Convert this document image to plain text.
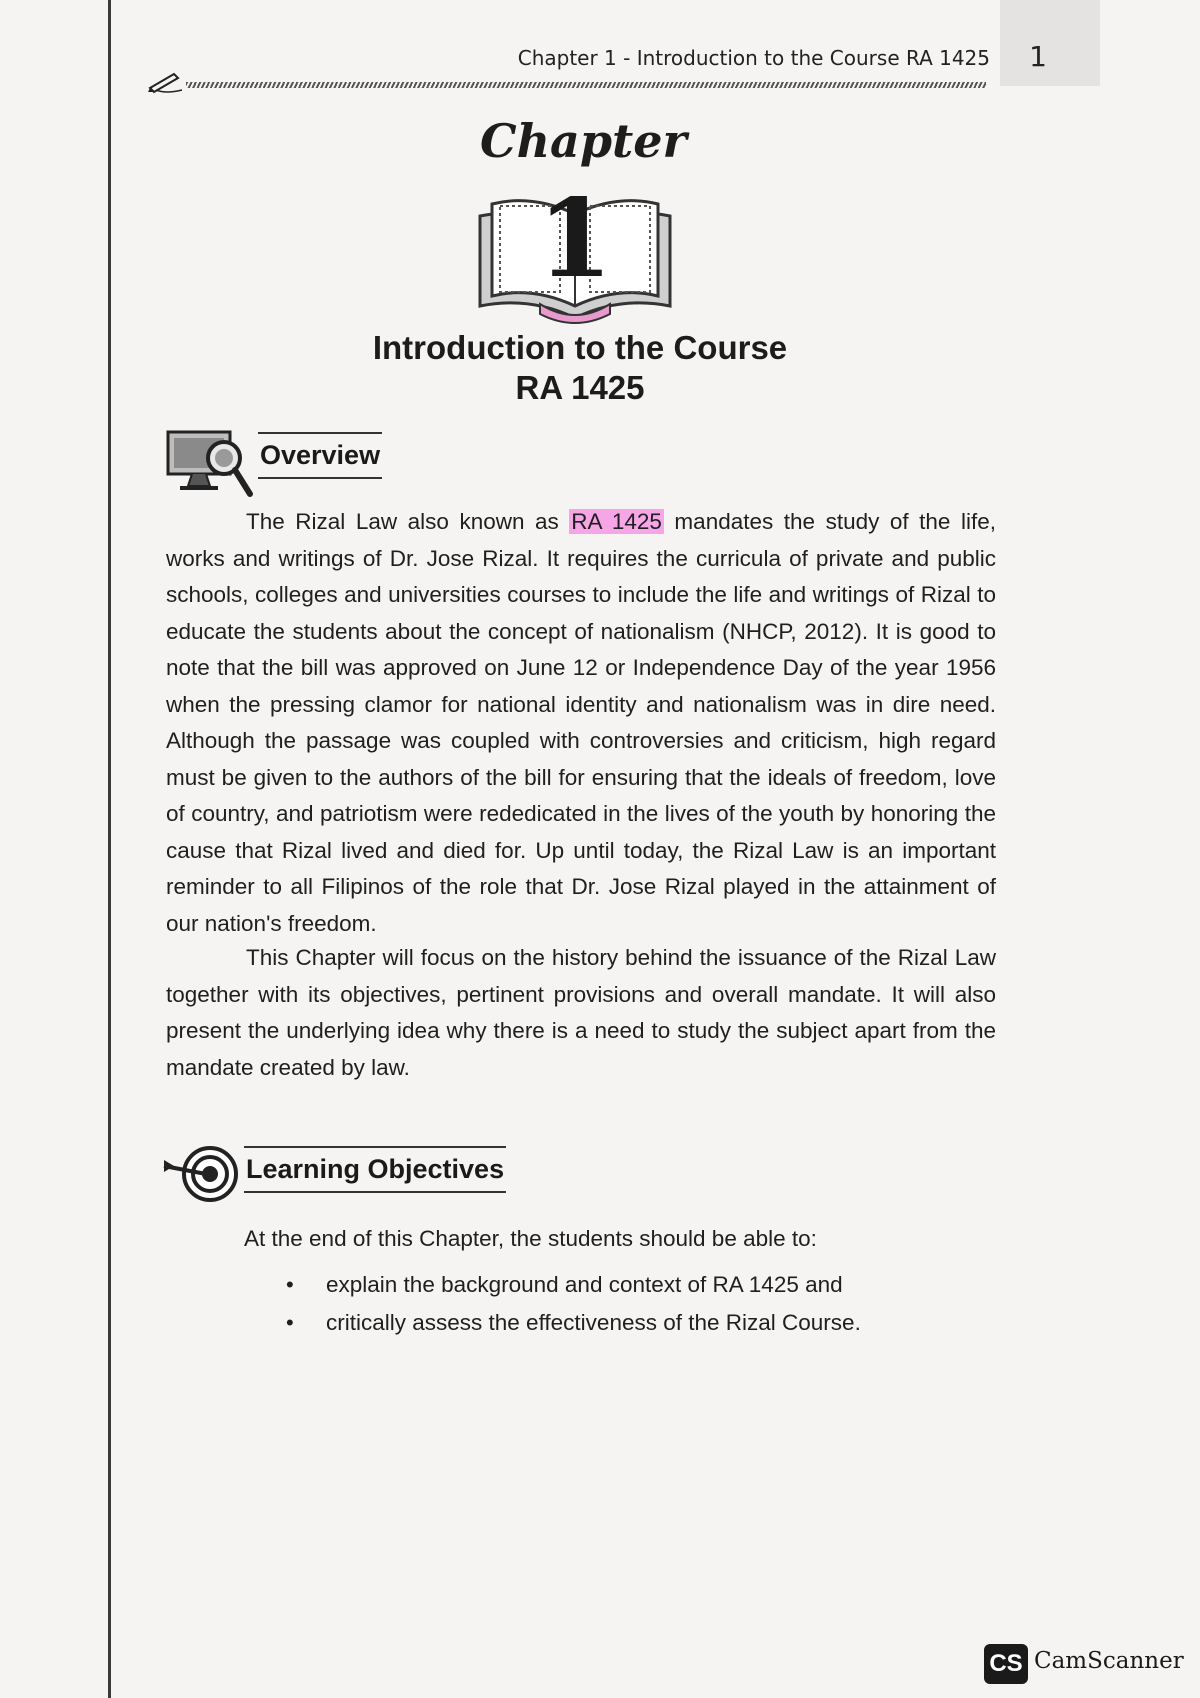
Chapter 1 - Introduction to the Course RA 1425	1
Chapter
1
Introduction to the Course
RA 1425
Overview

The Rizal Law also known as RA 1425 mandates the study of the life, works and writings of Dr. Jose Rizal. It requires the curricula of private and public schools, colleges and universities courses to include the life and writings of Rizal to educate the students about the concept of nationalism (NHCP, 2012). It is good to note that the bill was approved on June 12 or Independence Day of the year 1956 when the pressing clamor for national identity and nationalism was in dire need. Although the passage was coupled with controversies and criticism, high regard must be given to the authors of the bill for ensuring that the ideals of freedom, love of country, and patriotism were rededicated in the lives of the youth by honoring the cause that Rizal lived and died for. Up until today, the Rizal Law is an important reminder to all Filipinos of the role that Dr. Jose Rizal played in the attainment of our nation's freedom.

This Chapter will focus on the history behind the issuance of the Rizal Law together with its objectives, pertinent provisions and overall mandate. It will also present the underlying idea why there is a need to study the subject apart from the mandate created by law.

Learning Objectives
At the end of this Chapter, the students should be able to:
• explain the background and context of RA 1425 and
• critically assess the effectiveness of the Rizal Course.
CS CamScanner
